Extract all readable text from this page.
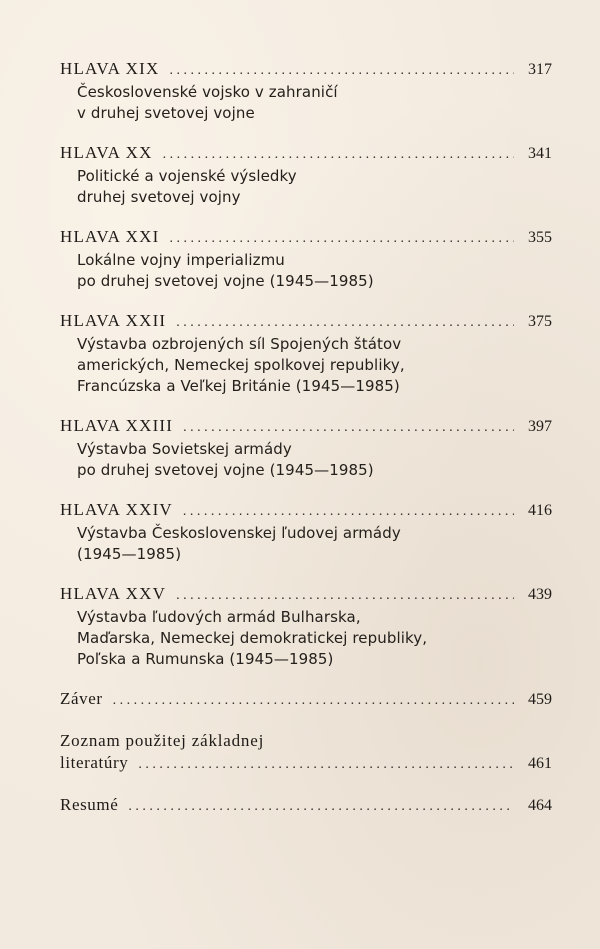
HLAVA XIX . . .	317
Československé vojsko v zahraničí
v druhej svetovej vojne
HLAVA XX . . .	341
Politické a vojenské výsledky
druhej svetovej vojny
HLAVA XXI . . .	355
Lokálne vojny imperializmu
po druhej svetovej vojne (1945—1985)
HLAVA XXII . . .	375
Výstavba ozbrojených síl Spojených štátov
amerických, Nemeckej spolkovej republiky,
Francúzska a Veľkej Británie (1945—1985)
HLAVA XXIII . . .	397
Výstavba Sovietskej armády
po druhej svetovej vojne (1945—1985)
HLAVA XXIV . . .	416
Výstavba Československej ľudovej armády
(1945—1985)
HLAVA XXV . . .	439
Výstavba ľudových armád Bulharska,
Maďarska, Nemeckej demokratickej republiky,
Poľska a Rumunska (1945—1985)
Záver . . .	459
Zoznam použitej základnej
literatúry . . .	461
Resumé . . .	464
